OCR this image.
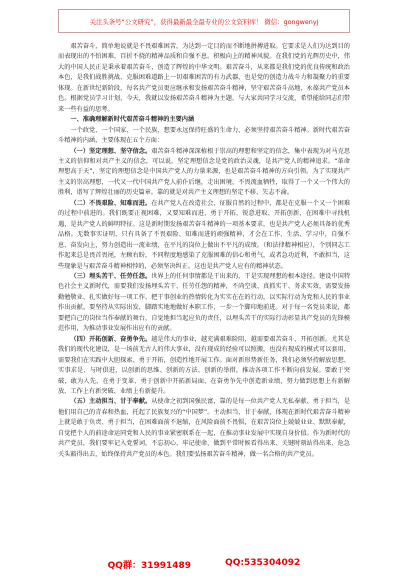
关注头条号“公文研究”，获得最新最全最专业的公文资料库！ 微信：gongwenyj

艰苦奋斗、简单地说就是不畏艰难困苦，为达到一定目的而不断地拼搏进取。它要求是人们为达到目的而表现出的不怕困难、百折不挠的精神品质和自强不息。积极向上的精神风貌。在我们党的光辉历史中，伟大的中国人民正是秉承着艰苦奋斗，创造了辉煌的中华文明。艰苦奋斗，从来都是我们党的优良传统和政治本色，是我们战胜挑战、克服困难道路上一切艰难困苦的有力武器，也是党的创造力战斗力和凝聚力的重要体现。在新世纪新阶段，每名共产党员更应继承和发扬艰苦奋斗精神，坚守艰苦奋斗高地，永葆共产党员本色。根据党员学习计划，今天，我就以发扬艰苦奋斗精神为主题，与大家共同学习交流，希望能给同志们带来一些有益的思考。

一、准确理解新时代艰苦奋斗精神的主要内涵

一个政党、一个国家、一个民族，想要永远保持旺盛的生命力，必须坚持艰苦奋斗精神。新时代艰苦奋斗精神的内涵，主要体现在五个方面：

（一）坚定理想、坚守信念。艰苦奋斗精神深深植根于崇高的理想和坚定的信念，集中表现为对马克思主义的信仰和对共产主义的信念，可以说，坚定理想信念是党的政治灵魂，是共产党人的精神追求。“革命理想高于天”，坚定的理想信念是中国共产党人的力量来源，也是艰苦奋斗精神的方向引领。为了实现共产主义的崇高理想，一代又一代中国共产党人前仆后继，走出困境，不畏流血牺牲，取得了一个又一个伟大的胜利，谱写了辉煌壮丽的历史篇章。靠的就是对共产主义理想的坚定不移、矢志不渝。

（二）不畏艰险、知难而进。在共产党人在改造社会、征服自然的过程中，都是在克服一个又一个困难的过程中前进的。我们既要正视困难，又要知难而进、勇于开拓、锐意进取、开拓创新，在困难中寻找机遇，是共产党人的鲜明特征。这是新时期发扬艰苦奋斗精神的一项基本要求，也是共产党人必须具备的优秀品格。无数事实证明，只有具备了不畏艰险、知难而进的顽强精神，才会在工作、生活、学习中，自强不息、奋发向上，努力创造出一流业绩，在平凡的岗位上做出不平凡的成绩。（和法律精神相应），个别同志工作起来总是畏首畏尾，左顾右盼，不同程度地感染了克服困难的信心和勇气，或者急功近利，不敢担当，这些现象是与艰苦奋斗精神相悖的，必须坚决纠正。这也是共产党人应有的精神状态。

（三）埋头苦干、任劳任怨。世界上的任何事情都是干出来的，干是实现理想的根本途径。建设中国特色社会主义新时代，需要我们发扬埋头苦干、任劳任怨的精神，不尚空谈、真抓实干、务求实效，需要发扬勤勉敬业、扎实做好每一项工作，把干事创业的热情转化为实实在在的行动，以实际行动为党和人民的事业作出贡献。要坚持从实际出发，脚踏实地地做好本职工作，一步一个脚印地前进。对于每一名党员来说，都要把自己的岗位当作奉献的舞台，自觉地担当起应负的责任，以埋头苦干的实际行动彰显共产党员的先锋模范作用，为推动事业发展作出应有的贡献。

（四）开拓创新、奋勇争先。越是伟大的事业，越充满艰难险阻，越需要艰苦奋斗、开拓创新。尤其是我们的现代化建设，是一场前无古人的伟大事业，没有现成的经验可以照搬，也没有现成的模式可以套用，需要我们在实践中大胆探索、勇于开拓，创造性地开展工作。面对新形势新任务，我们必须坚持解放思想、实事求是、与时俱进，以创新的思维、创新的方法、创新的举措，推动各项工作不断向前发展。要敢于突破，敢为人先，在勇于变革、勇于创新中开拓新局面，在奋勇争先中创造新业绩，努力做到思想上有新解放、工作上有新突破、业绩上有新提升。

（五）主动担当、甘于奉献。从使命之初到国强民富，靠的是每一位共产党人无私奉献、勇于担当，是他们用自己的青春和热血，托起了民族复兴的“中国梦”。主动担当、甘于奉献，体现在新时代艰苦奋斗精神上就是敢于负责、勇于担当，在困难面前不退缩，在风险面前不畏惧，在艰苦岗位上兢兢业业、默默奉献，自觉把个人的前途命运同党和人民的事业紧密联系在一起，在推动事业发展中实现自身价值。作为新时代的共产党员，我们要牢记入党誓词，不忘初心、牢记使命，做到平常时候看得出来、关键时刻站得出来、危急关头豁得出去，始终保持共产党员的本色。我们要弘扬艰苦奋斗精神，做一名合格的共产党员。

QQ群：31991489	QQ:535304092
